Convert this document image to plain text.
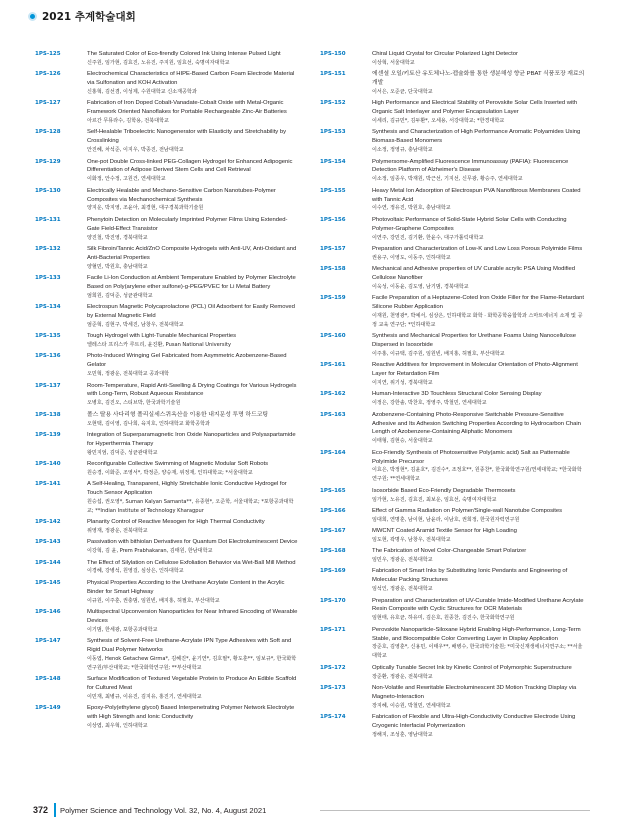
2021 추계학술대회
1PS-125	The Saturated Color of Eco-firendly Colored Ink Using Intense Pulsed Light
신주원, 임가현, 김효진, 노유진, 주지원, 임효선, 숙명여자대학교
1PS-126	Electrochemical Characteristics of HIPE-Based Carbon Foam Electrode Material via Sulfonation and KOH Activation
신홍혁, 김선겸, 이성제, 수원대학교 신소재공학과
1PS-127	Fabrication of Iron Doped Cobalt-Vanadate-Cobalt Oxide with Metal-Organic Framework Oriented Nanoflakes for Portable Rechargeable Zinc-Air Batteries
아르간 무뮤라수, 김학용, 전북대학교
1PS-128	Self-Healable Triboelectric Nanogenerator with Elasticity and Stretchability by Crosslinking
안진혜, 차석준, 이지우, 박종진, 전남대학교
1PS-129	One-pot Double Cross-linked PEG-Collagen Hydrogel for Enhanced Adipogenic Differentiation of Adipose Derived Stem Cells and Cell Retrieval
이화정, 안수정, 고원건, 연세대학교
1PS-130	Electrically Healable and Mechano-Sensitive Carbon Nanotubes-Polymer Composites via Mechanochemical Synthesis
양지운, 박지영, 조윤아, 최경현, 대구경북과학기술원
1PS-131	Phenytoin Detection on Molecularly Imprinted Polymer Films Using Extended-Gate Field-Effect Transistor
양진철, 박진영, 경북대학교
1PS-132	Silk Fibroin/Tannic Acid/ZnO Composite Hydrogels with Anti-UV, Anti-Oxidant and Anti-Bacterial Properties
양혈민, 박원호, 충남대학교
1PS-133	Facile Li-Ion Conduction at Ambient Temperature Enabled by Polymer Electrolyte Based on Poly(arylene ether sulfone)-g-PEG/PVEC for Li Metal Battery
엄희원, 김덕준, 성균관대학교
1PS-134	Electrospun Magnetic Polycaprolactone (PCL) Oil Adsorbent for Easily Removed by External Magnetic Field
엄준혁, 김현구, 박세진, 남창우, 전북대학교
1PS-135	Tough Hydrogel with Light-Tunable Mechanical Properties
엘레스타 프리스카 루트리, 윤진환, Pusan National University
1PS-136	Photo-Induced Wringing Gel Fabricated from Asymmetric Azobenzene-Based Gelator
오민혁, 정광운, 전북대학교 공과대학
1PS-137	Room-Temperature, Rapid Anti-Swelling & Drying Coatings for Various Hydrogels with Long-Term, Robust Aqueous Resistance
오병호, 김진오, 스티브박, 한국과학기술원
1PS-138	폴스 탈용 사다리형 폴리실세스퀴옥산을 이용한 내지문성 투명 하드코팅
오현택, 김이영, 김나희, 육지호, 인하대학교 화학공학과
1PS-139	Integration of Superparamagnetic Iron Oxide Nanoparticles and Polyaspartamide for Hyperthermia Therapy
왕민지엄, 김덕준, 성균관대학교
1PS-140	Reconfigurable Collective Swimming of Magnetic Modular Soft Robots
원승경, 이화준, 조영서*, 박정준, 양승재, 위정재, 인하대학교; *서울대학교
1PS-141	A Self-Healing, Transparent, Highly Stretchable Ionic Conductive Hydrogel for Touch Sensor Application
원승섭, 권오영*, Suman Kalyan Samanta**, 유종현*, 오준학, 서울대학교; *포항공과대학교; **Indian Institute of Technology Kharagpur
1PS-142	Planarity Control of Reactive Mesogen for High Thermal Conductivity
위영재, 정광운, 전북대학교
1PS-143	Passivation with bithiolan Derivatives for Quantum Dot Electroluminescent Device
이강혁, 김 윤, Prem Prabhakaran, 김태원, 한남대학교
1PS-144	The Effect of Silylation on Cellulose Exfoliation Behavior via Wet-Ball Mill Method
이경혜, 강병석, 원영걸, 심상은, 인하대학교
1PS-145	Physical Properties According to the Urethane Acrylate Content in the Acrylic Binder for Smart Highway
이규원, 이주훈, 권충범, 임원빈, 배지홍, 허필호, 부산대학교
1PS-146	Multispectral Upconversion Nanoparticles for Near Infrared Encoding of Wearable Devices
이기범, 한세광, 포항공과대학교
1PS-147	Synthesis of Solvent-Free Urethane-Acrylate IPN Type Adhesives with Soft and Rigid Dual Polymer Networks
이동엽, Henok Getachew Girma*, 김혜진*, 윤기연*, 김호필*, 황도훈**, 임보규*, 한국화학연구원/부산대학교; *한국화학연구원; **부산대학교
1PS-148	Surface Modification of Textured Vegetable Protein to Produce An Edible Scaffold for Cultured Meat
이민재, 최병규, 이유진, 김지유, 홍진기, 연세대학교
1PS-149	Epoxy-Poly(ethylene glycol) Based Interpenetrating Polymer Network Electrolyte with High Strength and Ionic Conductivity
이상엽, 최우혁, 인하대학교
1PS-150	Chiral Liquid Crystal for Circular Polarized Light Detector
이상혁, 서울대학교
1PS-151	에센셜 오일/키토산 유도체나노-캡슐화를 통한 생분해성 향균 PBAT 식품포장 재료의 개발
이서은, 오준균, 단국대학교
1PS-152	High Performance and Electrical Stability of Perovskite Solar Cells Inserted with Organic Salt Interlayer and Polymer Encapsulation Layer
이세리, 김규민*, 김두환*, 오세용, 서강대학교; *한경대학교
1PS-153	Synthesis and Characterization of High Performance Aromatic Polyamides Using Biomass-Based Monomers
이소정, 정영규, 충남대학교
1PS-154	Polymersome-Amplified Fluorescence Immunoassay (PAFIA): Fluorescence Detection Platform of Alzheimer's Disease
이소정, 임종우, 박재원, 박근선, 기지선, 신무광, 황승주, 연세대학교
1PS-155	Heavy Metal Ion Adsorption of Electrospun PVA Nanofibrous Membranes Coated with Tannic Acid
이수연, 정유진, 박원호, 충남대학교
1PS-156	Photovoltaic Performance of Solid-State Hybrid Solar Cells with Conducting Polymer-Graphene Composites
이연주, 강민진, 김기환, 한윤수, 대구가톨릭대학교
1PS-157	Preparation and Characterization of Low-K and Low Loss Porous Polyimide Films
권용구, 이영도, 이동주, 인하대학교
1PS-158	Mechanical and Adhesive properties of UV Curable acrylic PSA Using Modified Cellulose Nanofiber
이욱성, 이동윤, 김도영, 남기범, 경북대학교
1PS-159	Facile Preparation of a Heptazene-Coted Iron Oxide Filler for the Flame-Retardant Silicone Rubber Application
이재원, 천영광*, 박예서, 심상은, 인하대학교 화학 · 화학공학융합학과 스마트에너지 소재 및 공정 교육 연구단; *인하대학교
1PS-160	Synthesis and Mechanical Properties for Urethane Foams Using Nanocellulose Dispersed in Isosorbide
이주홍, 이규택, 김주원, 임원빈, 배지홍, 허필호, 부산대학교
1PS-161	Reactive Additives for Improvement in Molecular Orientation of Photo-Alignment Layer for Retardation Film
이지연, 위기성, 경북대학교
1PS-162	Human-Interactive 3D Touchless Structural Color Sensing Display
이정은, 강한솔, 박찬호, 정영주, 박철민, 연세대학교
1PS-163	Azobenzene-Containing Photo-Responsive Switchable Pressure-Sensitive Adhesive and Its Adhesion Switching Properties According to Hydrocarbon Chain Length of Azobenzene-Containing Aliphatic Monomers
이태형, 김현승, 서울대학교
1PS-164	Eco-Friendly Synthesis of Photosensitive Poly(amic acid) Salt as Patternable Polyimide Precursor
이효은, 박정현*, 김윤호*, 김진수*, 조정호**, 원종찬*, 한국화학연구원/연세대학교; *한국화학연구원; **연세대학교
1PS-165	Isosorbide Based Eco-Friendly Degradable Thermosets
임가현, 노유진, 김효진, 최보운, 임효선, 숙명여자대학교
1PS-166	Effect of Gamma Radiation on Polymer/Single-wall Nanotube Composites
임대희, 연명훈, 남이현, 남윤라, 이남호, 권희정, 한국원자력연구원
1PS-167	MWCNT Coated Aramid Textile Sensor for High Loading
임도현, 곽명우, 남창우, 전북대학교
1PS-168	The Fabrication of Novel Color-Changeable Smart Polarizer
임민우, 정광운, 전북대학교
1PS-169	Fabrication of Smart Inks by Substituting Ionic Pendants and Engineering of Molecular Packing Structures
임석인, 정광운, 전북대학교
1PS-170	Preparation and Characterization of UV-Curable Imide-Modified Urethane Acrylate Resin Composite with Cyclic Structures for OCR Materials
임현태, 유호균, 하유미, 김은호, 원종찬, 김진수, 한국화학연구원
1PS-171	Perovskite Nanoparticle-Siloxane Hybrid Enabling High-Performance, Long-Term Stable, and Biocompatible Color Converting Layer in Display Application
장준호, 김영훈*, 신용민, 이태우**, 배병수, 한국과학기술원; *미국신재생에너지연구소; **서울대학교
1PS-172	Optically Tunable Secret Ink by Kinetic Control of Polymorphic Superstructure
장준환, 정광운, 전북대학교
1PS-173	Non-Volatile and Rewritable Electroluminescent 3D Motion Tracking Display via Magneto-Interaction
장지혜, 이승원, 박철민, 연세대학교
1PS-174	Fabrication of Flexible and Ultra-High-Conductivity Conductive Electrode Using Cryogenic Interfacial Polymerization
정해지, 조성훈, 영남대학교
372 Polymer Science and Technology Vol. 32, No. 4, August 2021
